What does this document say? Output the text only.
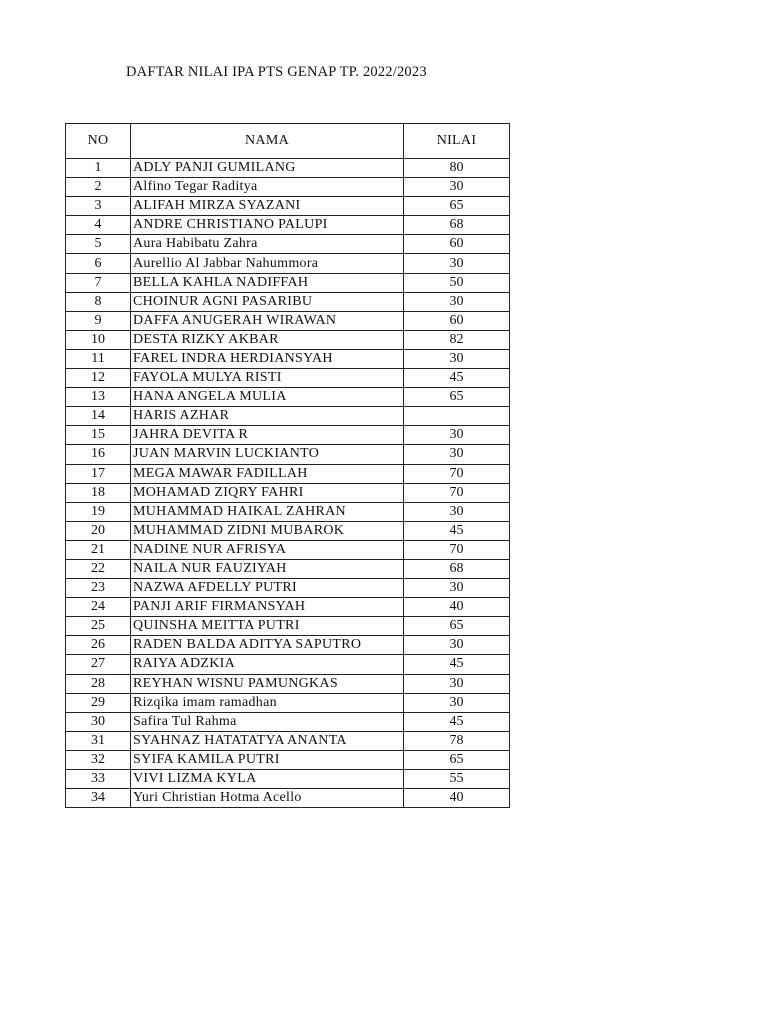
DAFTAR NILAI IPA PTS GENAP TP. 2022/2023
NO	NAMA	NILAI
1	ADLY PANJI GUMILANG	80
2	Alfino Tegar Raditya	30
3	ALIFAH MIRZA SYAZANI	65
4	ANDRE CHRISTIANO PALUPI	68
5	Aura Habibatu Zahra	60
6	Aurellio Al Jabbar Nahummora	30
7	BELLA KAHLA NADIFFAH	50
8	CHOINUR AGNI PASARIBU	30
9	DAFFA ANUGERAH WIRAWAN	60
10	DESTA RIZKY AKBAR	82
11	FAREL INDRA HERDIANSYAH	30
12	FAYOLA MULYA RISTI	45
13	HANA ANGELA MULIA	65
14	HARIS AZHAR	
15	JAHRA DEVITA R	30
16	JUAN MARVIN LUCKIANTO	30
17	MEGA MAWAR FADILLAH	70
18	MOHAMAD ZIQRY FAHRI	70
19	MUHAMMAD HAIKAL ZAHRAN	30
20	MUHAMMAD ZIDNI MUBAROK	45
21	NADINE NUR AFRISYA	70
22	NAILA NUR FAUZIYAH	68
23	NAZWA AFDELLY PUTRI	30
24	PANJI ARIF FIRMANSYAH	40
25	QUINSHA MEITTA PUTRI	65
26	RADEN BALDA ADITYA SAPUTRO	30
27	RAIYA ADZKIA	45
28	REYHAN WISNU PAMUNGKAS	30
29	Rizqika imam ramadhan	30
30	Safira Tul Rahma	45
31	SYAHNAZ HATATATYA ANANTA	78
32	SYIFA KAMILA PUTRI	65
33	VIVI LIZMA KYLA	55
34	Yuri Christian Hotma Acello	40
